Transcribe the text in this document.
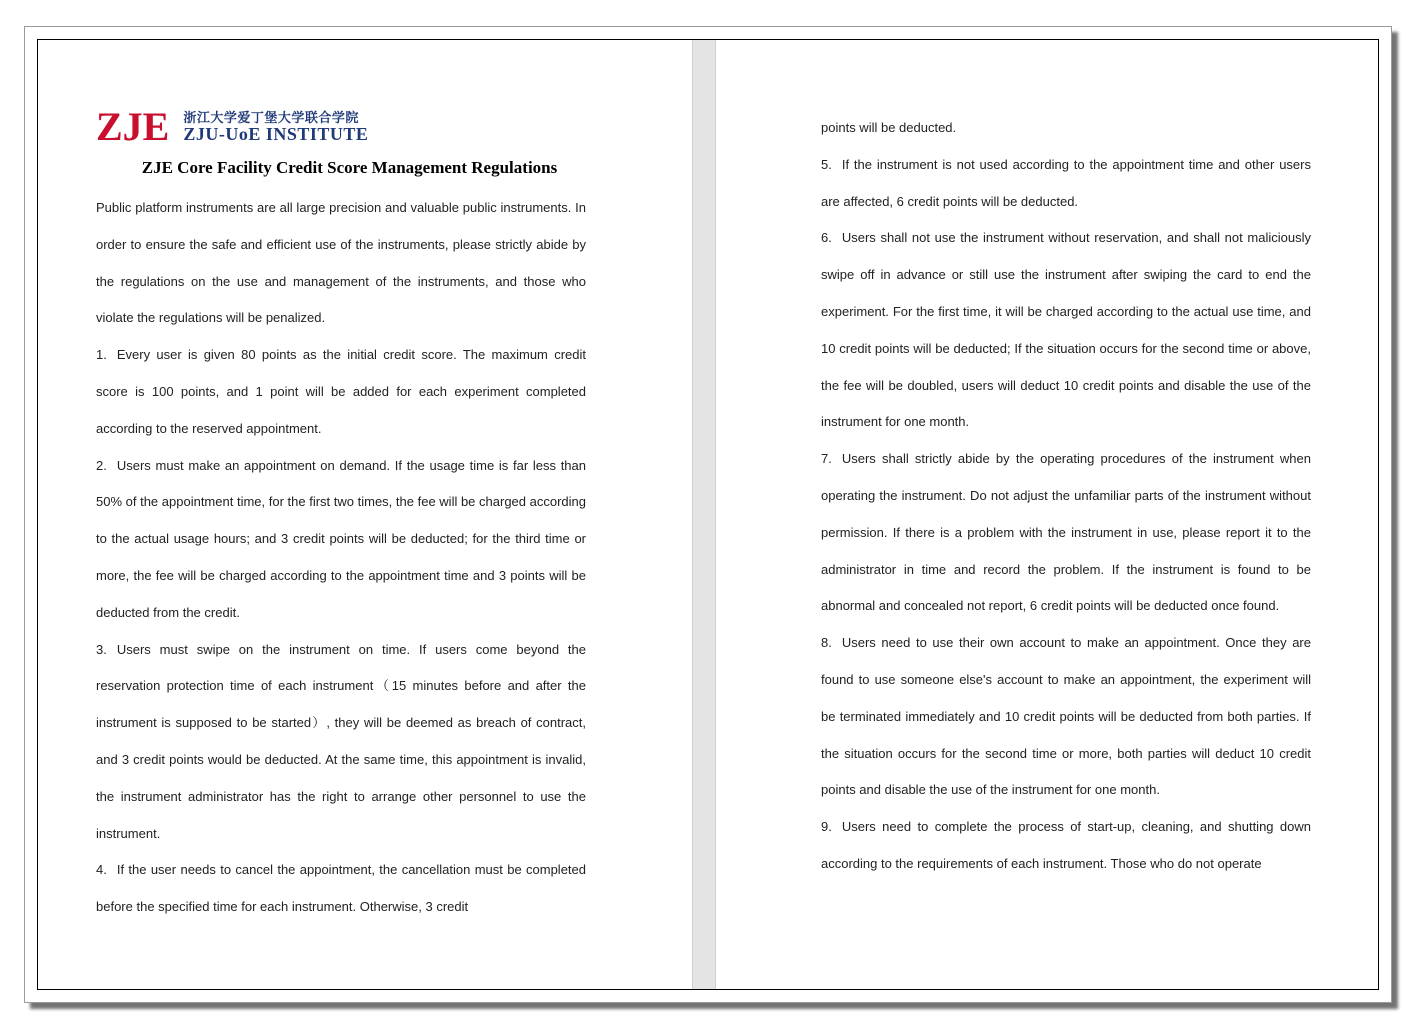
ZJE 浙江大学爱丁堡大学联合学院
ZJU-UoE INSTITUTE
ZJE Core Facility Credit Score Management Regulations

Public platform instruments are all large precision and valuable public instruments. In order to ensure the safe and efficient use of the instruments, please strictly abide by the regulations on the use and management of the instruments, and those who violate the regulations will be penalized.

1. Every user is given 80 points as the initial credit score. The maximum credit score is 100 points, and 1 point will be added for each experiment completed according to the reserved appointment.

2. Users must make an appointment on demand. If the usage time is far less than 50% of the appointment time, for the first two times, the fee will be charged according to the actual usage hours; and 3 credit points will be deducted; for the third time or more, the fee will be charged according to the appointment time and 3 points will be deducted from the credit.

3. Users must swipe on the instrument on time. If users come beyond the reservation protection time of each instrument（15 minutes before and after the instrument is supposed to be started）, they will be deemed as breach of contract, and 3 credit points would be deducted. At the same time, this appointment is invalid, the instrument administrator has the right to arrange other personnel to use the instrument.

4. If the user needs to cancel the appointment, the cancellation must be completed before the specified time for each instrument. Otherwise, 3 credit

points will be deducted.

5. If the instrument is not used according to the appointment time and other users are affected, 6 credit points will be deducted.

6. Users shall not use the instrument without reservation, and shall not maliciously swipe off in advance or still use the instrument after swiping the card to end the experiment. For the first time, it will be charged according to the actual use time, and 10 credit points will be deducted; If the situation occurs for the second time or above, the fee will be doubled, users will deduct 10 credit points and disable the use of the instrument for one month.

7. Users shall strictly abide by the operating procedures of the instrument when operating the instrument. Do not adjust the unfamiliar parts of the instrument without permission. If there is a problem with the instrument in use, please report it to the administrator in time and record the problem. If the instrument is found to be abnormal and concealed not report, 6 credit points will be deducted once found.

8. Users need to use their own account to make an appointment. Once they are found to use someone else's account to make an appointment, the experiment will be terminated immediately and 10 credit points will be deducted from both parties. If the situation occurs for the second time or more, both parties will deduct 10 credit points and disable the use of the instrument for one month.

9. Users need to complete the process of start-up, cleaning, and shutting down according to the requirements of each instrument. Those who do not operate
